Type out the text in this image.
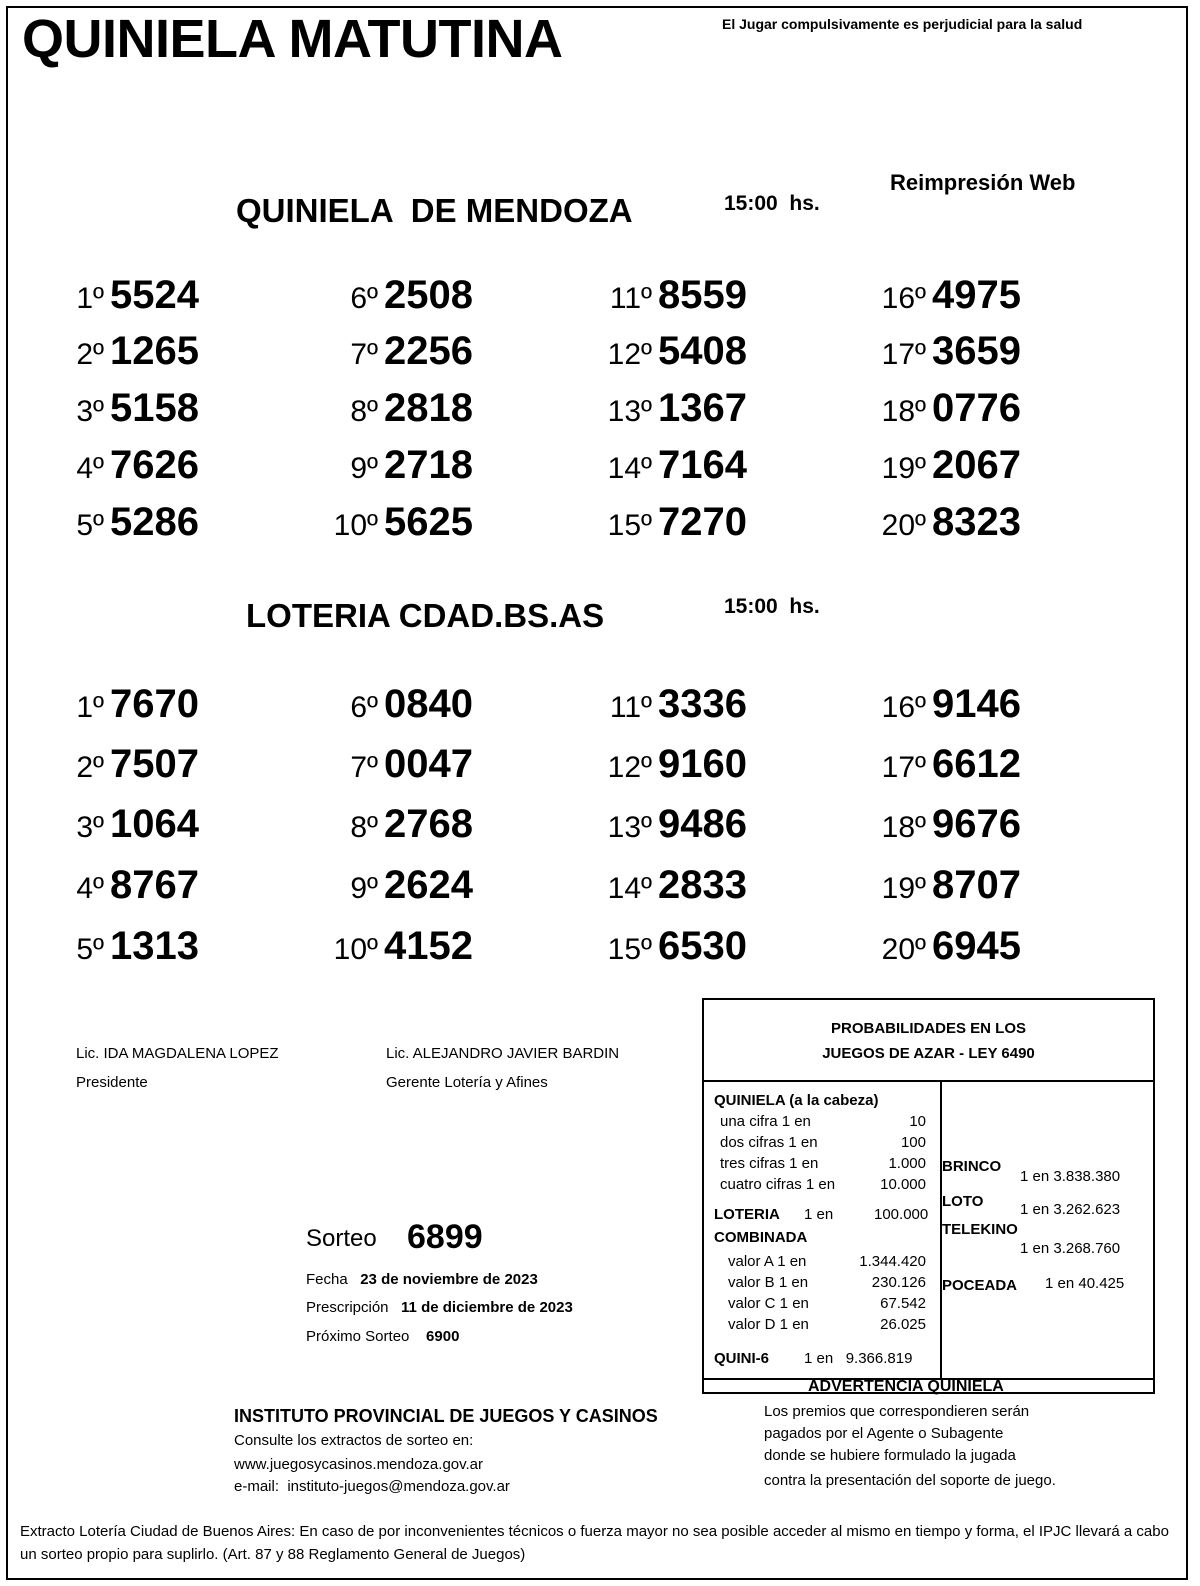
QUINIELA MATUTINA	El Jugar compulsivamente es perjudicial para la salud
Reimpresión Web
QUINIELA  DE MENDOZA	15:00  hs.
1º 5524
2º 1265
3º 5158
4º 7626
5º 5286
6º 2508
7º 2256
8º 2818
9º 2718
10º 5625
11º 8559
12º 5408
13º 1367
14º 7164
15º 7270
16º 4975
17º 3659
18º 0776
19º 2067
20º 8323
LOTERIA CDAD.BS.AS	15:00  hs.
1º 7670
2º 7507
3º 1064
4º 8767
5º 1313
6º 0840
7º 0047
8º 2768
9º 2624
10º 4152
11º 3336
12º 9160
13º 9486
14º 2833
15º 6530
16º 9146
17º 6612
18º 9676
19º 8707
20º 6945
Lic. IDA MAGDALENA LOPEZ
Presidente
Lic. ALEJANDRO JAVIER BARDIN
Gerente Lotería y Afines
Sorteo 6899
Fecha 23 de noviembre de 2023
Prescripción 11 de diciembre de 2023
Próximo Sorteo 6900
PROBABILIDADES EN LOS
JUEGOS DE AZAR - LEY 6490
QUINIELA (a la cabeza)
una cifra 1 en	10
dos cifras 1 en	100
tres cifras 1 en	1.000
cuatro cifras 1 en	10.000
LOTERIA 1 en	100.000
COMBINADA
valor A 1 en	1.344.420
valor B 1 en	230.126
valor C 1 en	67.542
valor D 1 en	26.025
QUINI-6 1 en   9.366.819
BRINCO
1 en 3.838.380
LOTO 1 en 3.262.623
TELEKINO
1 en 3.268.760
POCEADA 1 en 40.425
ADVERTENCIA QUINIELA
Los premios que correspondieren serán
pagados por el Agente o Subagente
donde se hubiere formulado la jugada
contra la presentación del soporte de juego.
INSTITUTO PROVINCIAL DE JUEGOS Y CASINOS
Consulte los extractos de sorteo en:
www.juegosycasinos.mendoza.gov.ar
e-mail:  instituto-juegos@mendoza.gov.ar
Extracto Lotería Ciudad de Buenos Aires: En caso de por inconvenientes técnicos o fuerza mayor no sea posible acceder al mismo en tiempo y forma, el IPJC llevará a cabo un sorteo propio para suplirlo. (Art. 87 y 88 Reglamento General de Juegos)
